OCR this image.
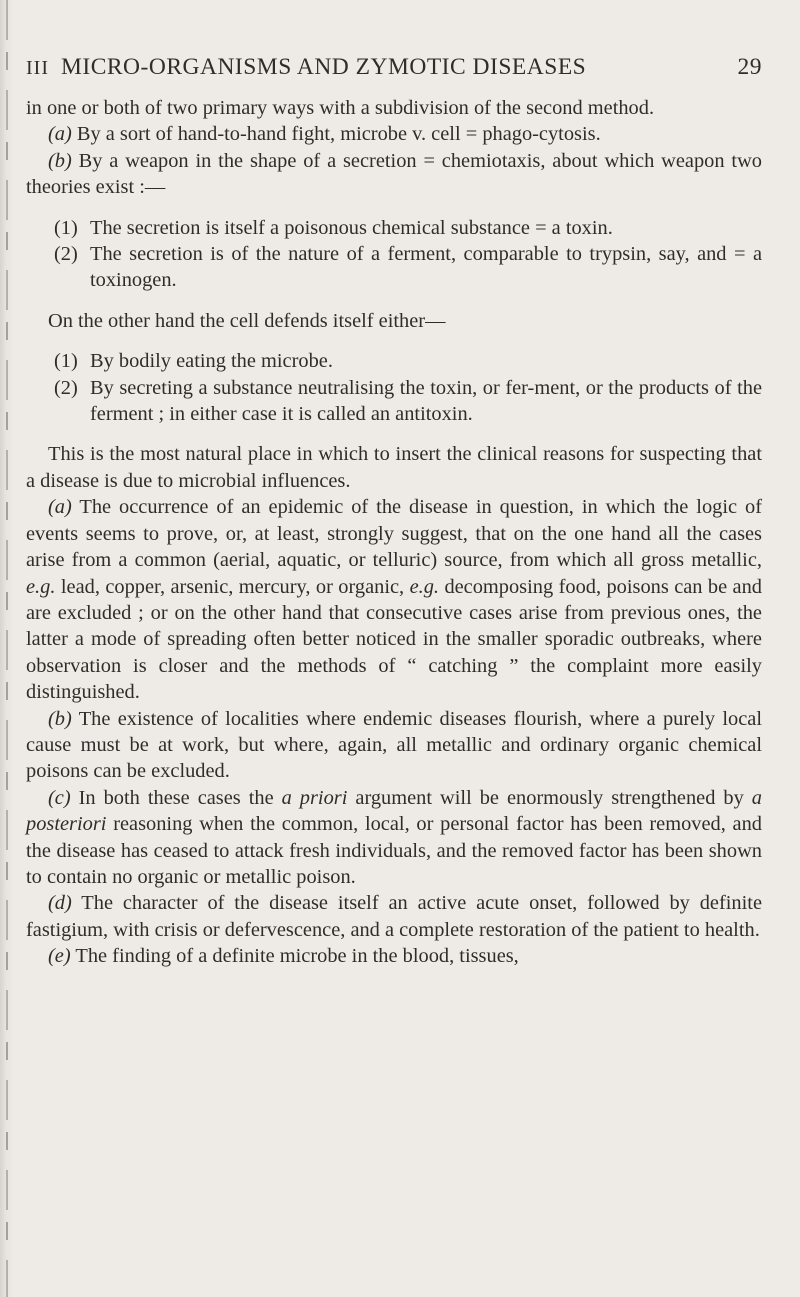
III MICRO-ORGANISMS AND ZYMOTIC DISEASES	29

in one or both of two primary ways with a subdivision of the second method.

(a) By a sort of hand-to-hand fight, microbe v. cell = phago-cytosis.

(b) By a weapon in the shape of a secretion = chemiotaxis, about which weapon two theories exist :—

(1) The secretion is itself a poisonous chemical substance = a toxin.
(2) The secretion is of the nature of a ferment, comparable to trypsin, say, and = a toxinogen.

On the other hand the cell defends itself either—

(1) By bodily eating the microbe.
(2) By secreting a substance neutralising the toxin, or fer-ment, or the products of the ferment ; in either case it is called an antitoxin.

This is the most natural place in which to insert the clinical reasons for suspecting that a disease is due to microbial influences.

(a) The occurrence of an epidemic of the disease in question, in which the logic of events seems to prove, or, at least, strongly suggest, that on the one hand all the cases arise from a common (aerial, aquatic, or telluric) source, from which all gross metallic, e.g. lead, copper, arsenic, mercury, or organic, e.g. decomposing food, poisons can be and are excluded ; or on the other hand that consecutive cases arise from previous ones, the latter a mode of spreading often better noticed in the smaller sporadic outbreaks, where observation is closer and the methods of “ catching ” the complaint more easily distinguished.

(b) The existence of localities where endemic diseases flourish, where a purely local cause must be at work, but where, again, all metallic and ordinary organic chemical poisons can be excluded.

(c) In both these cases the a priori argument will be enormously strengthened by a posteriori reasoning when the common, local, or personal factor has been removed, and the disease has ceased to attack fresh individuals, and the removed factor has been shown to contain no organic or metallic poison.

(d) The character of the disease itself an active acute onset, followed by definite fastigium, with crisis or defervescence, and a complete restoration of the patient to health.

(e) The finding of a definite microbe in the blood, tissues,
